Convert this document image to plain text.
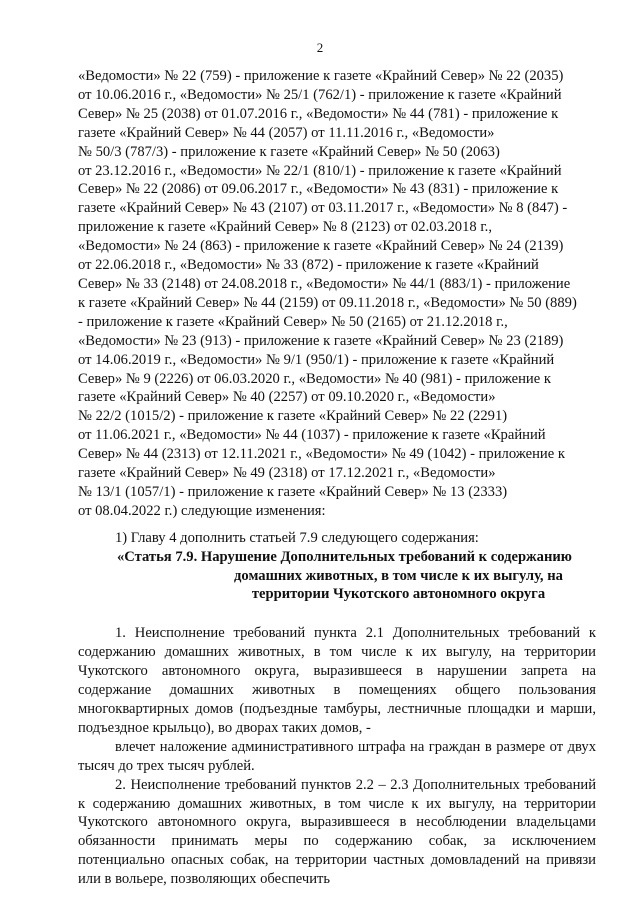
2

«Ведомости» № 22 (759) - приложение к газете «Крайний Север» № 22 (2035)

от 10.06.2016 г., «Ведомости» № 25/1 (762/1) - приложение к газете «Крайний

Север» № 25 (2038) от 01.07.2016 г., «Ведомости» № 44 (781) - приложение к

газете «Крайний Север» № 44 (2057) от 11.11.2016 г., «Ведомости»

№ 50/3 (787/3) - приложение к газете «Крайний Север» № 50 (2063)

от 23.12.2016 г., «Ведомости» № 22/1 (810/1) - приложение к газете «Крайний

Север» № 22 (2086) от 09.06.2017 г., «Ведомости» № 43 (831) - приложение к

газете «Крайний Север» № 43 (2107) от 03.11.2017 г., «Ведомости» № 8 (847) -

приложение к газете «Крайний Север» № 8 (2123) от 02.03.2018 г.,

«Ведомости» № 24 (863) - приложение к газете «Крайний Север» № 24 (2139)

от 22.06.2018 г., «Ведомости» № 33 (872) - приложение к газете «Крайний

Север» № 33 (2148) от 24.08.2018 г., «Ведомости» № 44/1 (883/1) - приложение

к газете «Крайний Север» № 44 (2159) от 09.11.2018 г., «Ведомости» № 50 (889)

- приложение к газете «Крайний Север» № 50 (2165) от 21.12.2018 г.,

«Ведомости» № 23 (913) - приложение к газете «Крайний Север» № 23 (2189)

от 14.06.2019 г., «Ведомости» № 9/1 (950/1) - приложение к газете «Крайний

Север» № 9 (2226) от 06.03.2020 г., «Ведомости» № 40 (981) - приложение к

газете «Крайний Север» № 40 (2257) от 09.10.2020 г., «Ведомости»

№ 22/2 (1015/2) - приложение к газете «Крайний Север» № 22 (2291)

от 11.06.2021 г., «Ведомости» № 44 (1037) - приложение к газете «Крайний

Север» № 44 (2313) от 12.11.2021 г., «Ведомости» № 49 (1042) - приложение к

газете «Крайний Север» № 49 (2318) от 17.12.2021 г., «Ведомости»

№ 13/1 (1057/1) - приложение к газете «Крайний Север» № 13 (2333)

от 08.04.2022 г.) следующие изменения:

1) Главу 4 дополнить статьей 7.9 следующего содержания:

«Статья 7.9. Нарушение Дополнительных требований к содержанию
домашних животных, в том числе к их выгулу, на
территории Чукотского автономного округа

1. Неисполнение требований пункта 2.1 Дополнительных требований к содержанию домашних животных, в том числе к их выгулу, на территории Чукотского автономного округа, выразившееся в нарушении запрета на содержание домашних животных в помещениях общего пользования многоквартирных домов (подъездные тамбуры, лестничные площадки и марши, подъездное крыльцо), во дворах таких домов, -

влечет наложение административного штрафа на граждан в размере от двух тысяч до трех тысяч рублей.

2. Неисполнение требований пунктов 2.2 – 2.3 Дополнительных требований к содержанию домашних животных, в том числе к их выгулу, на территории Чукотского автономного округа, выразившееся в несоблюдении владельцами обязанности принимать меры по содержанию собак, за исключением потенциально опасных собак, на территории частных домовладений на привязи или в вольере, позволяющих обеспечить
